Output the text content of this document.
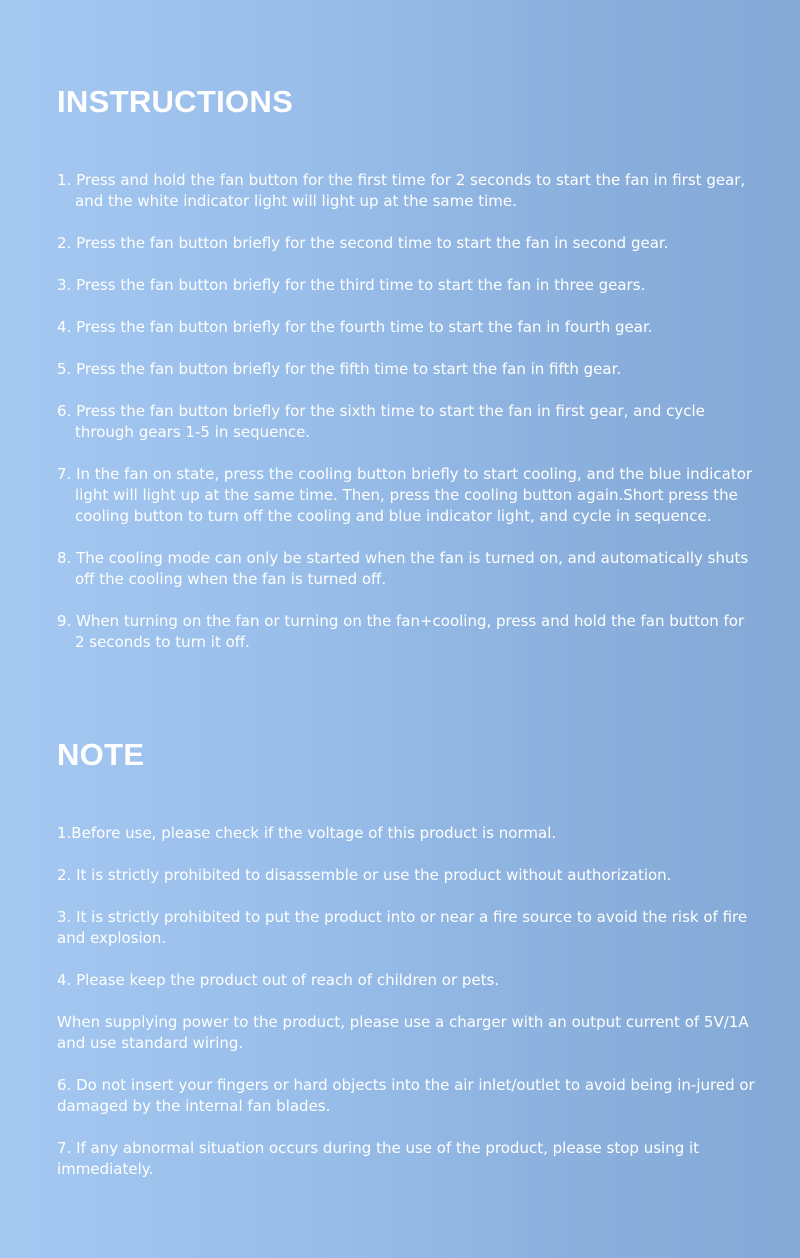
INSTRUCTIONS
1. Press and hold the fan button for the first time for 2 seconds to start the fan in first gear, and the white indicator light will light up at the same time.
2. Press the fan button briefly for the second time to start the fan in second gear.
3. Press the fan button briefly for the third time to start the fan in three gears.
4. Press the fan button briefly for the fourth time to start the fan in fourth gear.
5. Press the fan button briefly for the fifth time to start the fan in fifth gear.
6. Press the fan button briefly for the sixth time to start the fan in first gear, and cycle through gears 1-5 in sequence.
7. In the fan on state, press the cooling button briefly to start cooling, and the blue indicator light will light up at the same time. Then, press the cooling button again.Short press the cooling button to turn off the cooling and blue indicator light, and cycle in sequence.
8. The cooling mode can only be started when the fan is turned on, and automatically shuts off the cooling when the fan is turned off.
9. When turning on the fan or turning on the fan+cooling, press and hold the fan button for 2 seconds to turn it off.
NOTE
1.Before use, please check if the voltage of this product is normal.
2. It is strictly prohibited to disassemble or use the product without authorization.
3. It is strictly prohibited to put the product into or near a fire source to avoid the risk of fire and explosion.
4. Please keep the product out of reach of children or pets.
When supplying power to the product, please use a charger with an output current of 5V/1A and use standard wiring.
6. Do not insert your fingers or hard objects into the air inlet/outlet to avoid being in-jured or damaged by the internal fan blades.
7. If any abnormal situation occurs during the use of the product, please stop using it immediately.
